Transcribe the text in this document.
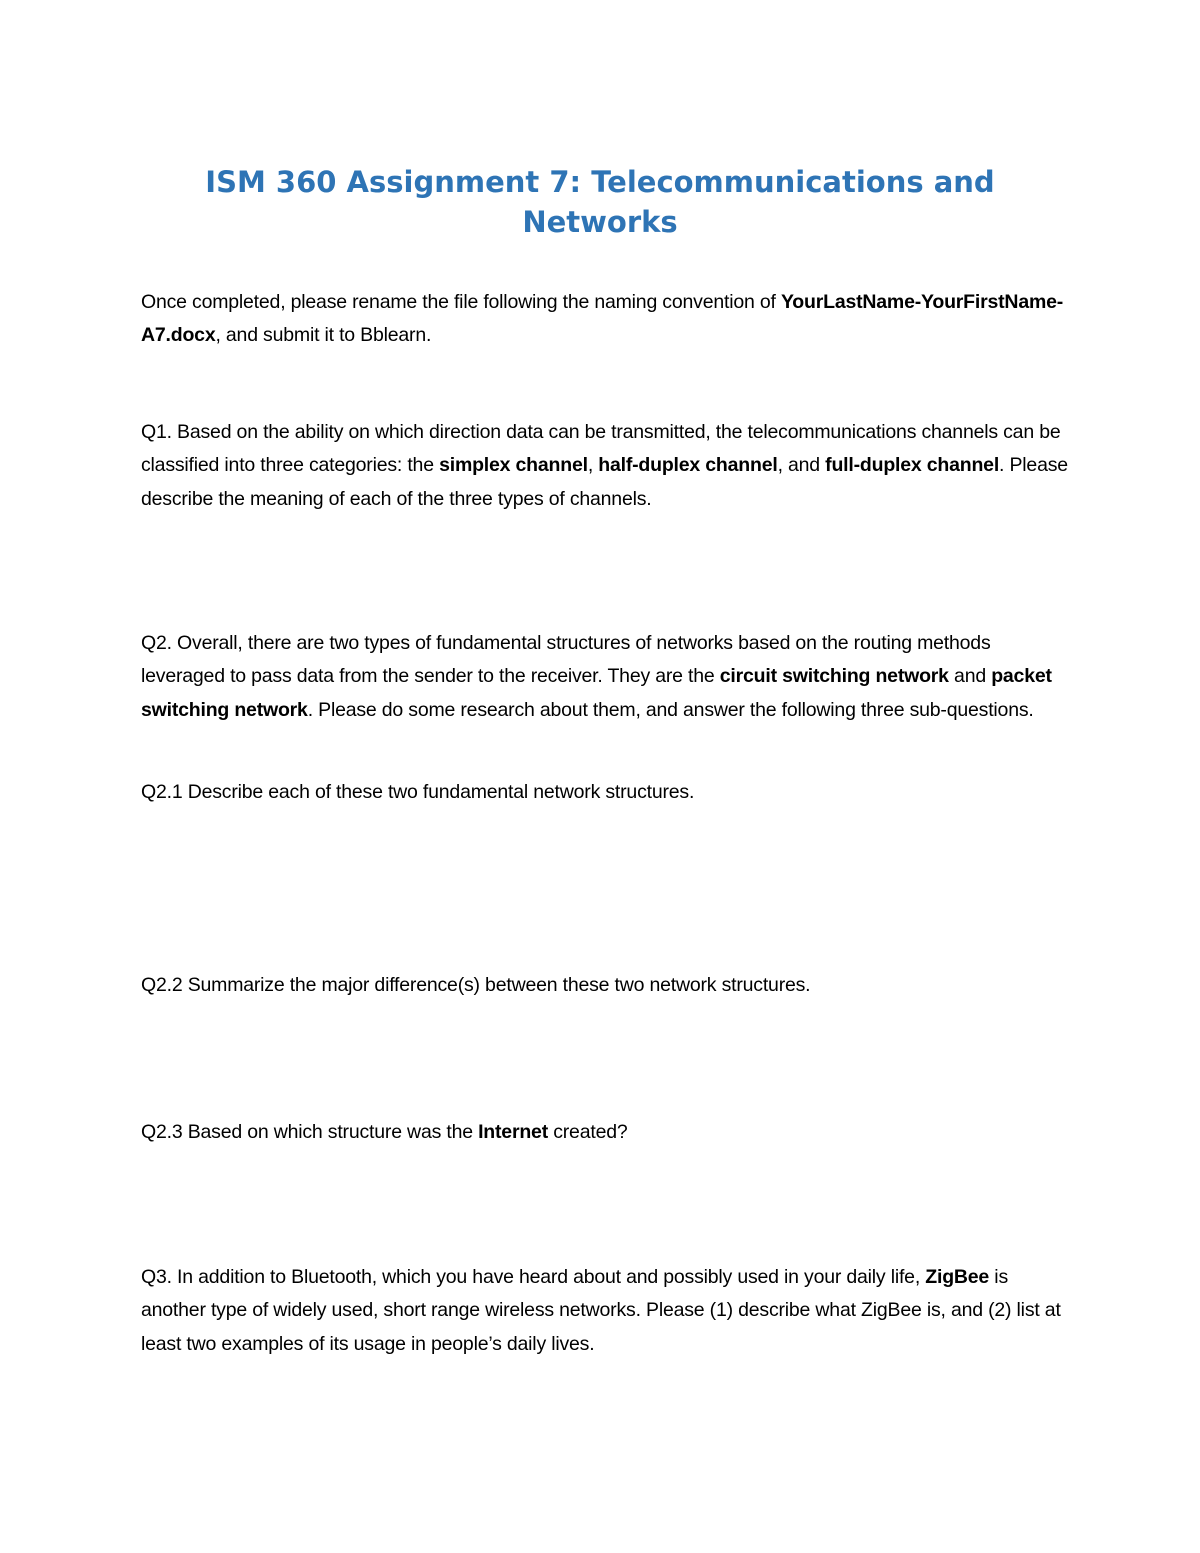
ISM 360 Assignment 7: Telecommunications and
Networks

Once completed, please rename the file following the naming convention of YourLastName-YourFirstName-A7.docx, and submit it to Bblearn.

Q1. Based on the ability on which direction data can be transmitted, the telecommunications channels can be classified into three categories: the simplex channel, half-duplex channel, and full-duplex channel. Please describe the meaning of each of the three types of channels.

Q2. Overall, there are two types of fundamental structures of networks based on the routing methods leveraged to pass data from the sender to the receiver. They are the circuit switching network and packet switching network. Please do some research about them, and answer the following three sub-questions.

Q2.1 Describe each of these two fundamental network structures.

Q2.2 Summarize the major difference(s) between these two network structures.

Q2.3 Based on which structure was the Internet created?

Q3. In addition to Bluetooth, which you have heard about and possibly used in your daily life, ZigBee is another type of widely used, short range wireless networks. Please (1) describe what ZigBee is, and (2) list at least two examples of its usage in people’s daily lives.
